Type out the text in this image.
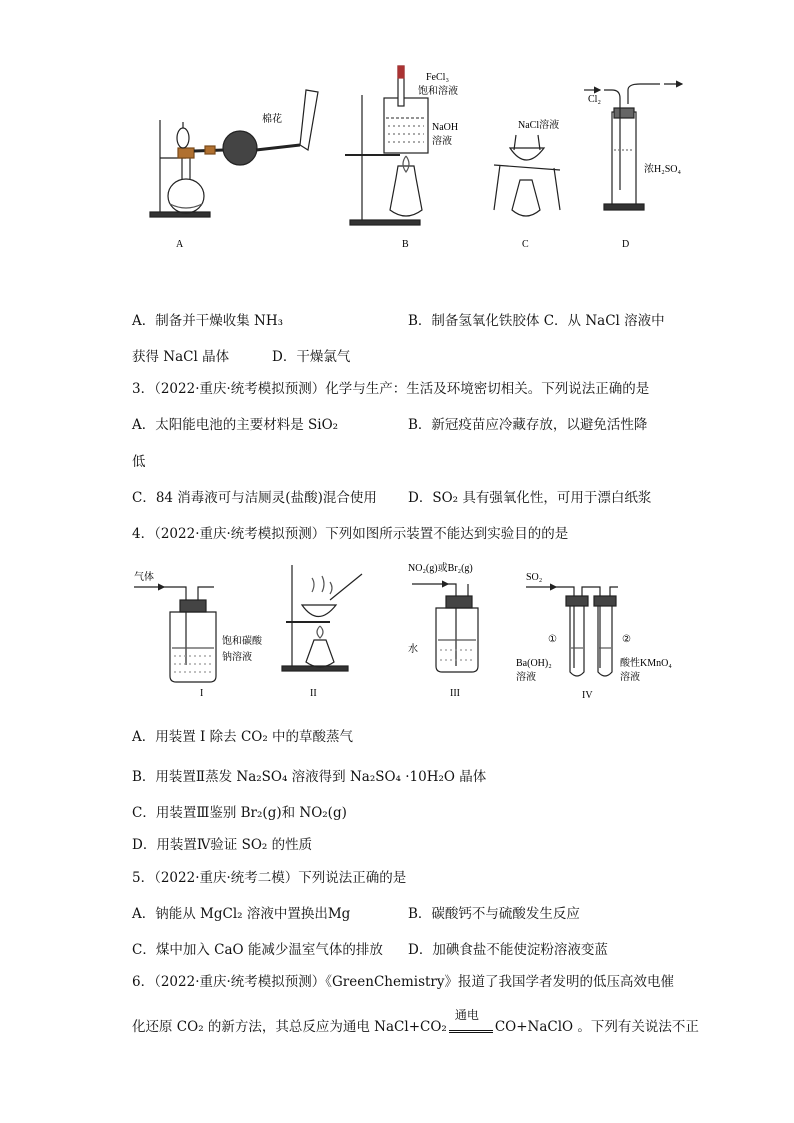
棉花
FeCl₃
饱和溶液
NaOH
溶液
NaCl溶液
Cl₂
浓H₂SO₄
A	B	C	D
A．制备并干燥收集 NH₃	B．制备氢氧化铁胶体 C．从 NaCl 溶液中
获得 NaCl 晶体	D．干燥氯气
3．（2022·重庆·统考模拟预测）化学与生产：生活及环境密切相关。下列说法正确的是
A．太阳能电池的主要材料是 SiO₂	B．新冠疫苗应冷藏存放，以避免活性降
低
C．84 消毒液可与洁厕灵(盐酸)混合使用 D．SO₂ 具有强氧化性，可用于漂白纸浆
4．（2022·重庆·统考模拟预测）下列如图所示装置不能达到实验目的的是
气体
饱和碳酸
钠溶液
NO₂(g)或Br₂(g)
水
SO₂
①	②
Ba(OH)₂
溶液
酸性KMnO₄
溶液
I	II	III	IV
A．用装置 I 除去 CO₂ 中的草酸蒸气
B．用装置Ⅱ蒸发 Na₂SO₄ 溶液得到 Na₂SO₄ ·10H₂O 晶体
C．用装置Ⅲ鉴别 Br₂(g)和 NO₂(g)
D．用装置Ⅳ验证 SO₂ 的性质
5．（2022·重庆·统考二模）下列说法正确的是
A．钠能从 MgCl₂ 溶液中置换出Mg	B．碳酸钙不与硫酸发生反应
C．煤中加入 CaO 能减少温室气体的排放 D．加碘食盐不能使淀粉溶液变蓝
6．（2022·重庆·统考模拟预测）《GreenChemistry》报道了我国学者发明的低压高效电催
化还原 CO₂ 的新方法，其总反应为通电 NaCl+CO₂
通电
CO+NaClO 。下列有关说法不正
